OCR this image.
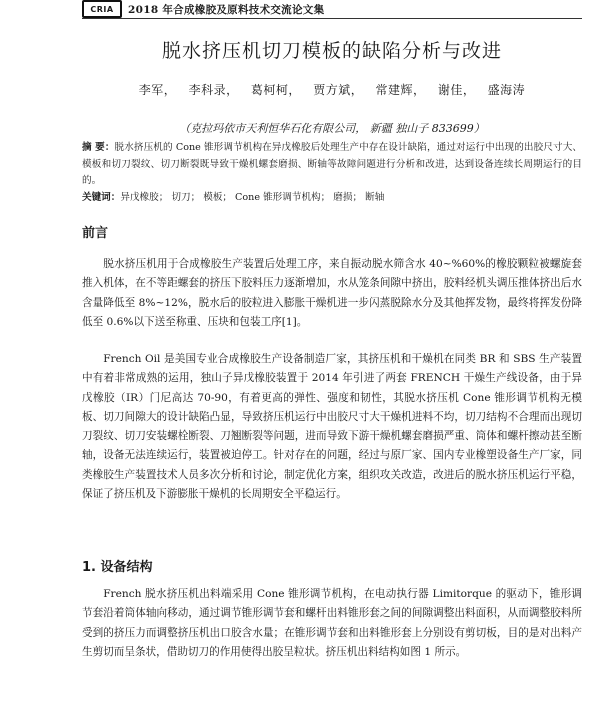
CRIA	2018 年合成橡胶及原料技术交流论文集
脱水挤压机切刀模板的缺陷分析与改进
李军， 李科录， 葛柯柯， 贾方斌， 常建辉， 谢佳， 盛海涛
（克拉玛依市天利恒华石化有限公司， 新疆 独山子 833699）
摘 要：脱水挤压机的 Cone 锥形调节机构在异戊橡胶后处理生产中存在设计缺陷，通过对运行中出现的出胶尺寸大、模板和切刀裂纹、切刀断裂既导致干燥机螺套磨损、断轴等故障问题进行分析和改进，达到设备连续长周期运行的目的。
关键词：异戊橡胶； 切刀； 模板； Cone 锥形调节机构； 磨损； 断轴
前言
脱水挤压机用于合成橡胶生产装置后处理工序，来自振动脱水筛含水 40~%60%的橡胶颗粒被螺旋套推入机体，在不等距螺套的挤压下胶料压力逐渐增加，水从笼条间隙中挤出，胶料经机头调压推体挤出后水含量降低至 8%~12%，脱水后的胶粒进入膨胀干燥机进一步闪蒸脱除水分及其他挥发物，最终将挥发份降低至 0.6%以下送至称重、压块和包装工序[1]。
French Oil 是美国专业合成橡胶生产设备制造厂家，其挤压机和干燥机在同类 BR 和 SBS 生产装置中有着非常成熟的运用，独山子异戊橡胶装置于 2014 年引进了两套 FRENCH 干燥生产线设备，由于异戊橡胶（IR）门尼高达 70-90，有着更高的弹性、强度和韧性，其脱水挤压机 Cone 锥形调节机构无模板、切刀间隙大的设计缺陷凸显，导致挤压机运行中出胶尺寸大干燥机进料不均，切刀结构不合理而出现切刀裂纹、切刀安装螺栓断裂、刀翘断裂等问题，进而导致下游干燥机螺套磨损严重、筒体和螺杆擦动甚至断轴，设备无法连续运行，装置被迫停工。针对存在的问题，经过与原厂家、国内专业橡塑设备生产厂家，同类橡胶生产装置技术人员多次分析和讨论，制定优化方案，组织攻关改造，改进后的脱水挤压机运行平稳，保证了挤压机及下游膨胀干燥机的长周期安全平稳运行。
1. 设备结构
French 脱水挤压机出料端采用 Cone 锥形调节机构，在电动执行器 Limitorque 的驱动下，锥形调节套沿着筒体轴向移动，通过调节锥形调节套和螺杆出料锥形套之间的间隙调整出料面积，从而调整胶料所受到的挤压力而调整挤压机出口胶含水量；在锥形调节套和出料锥形套上分别设有剪切板，目的是对出料产生剪切而呈条状，借助切刀的作用使得出胶呈粒状。挤压机出料结构如图 1 所示。
